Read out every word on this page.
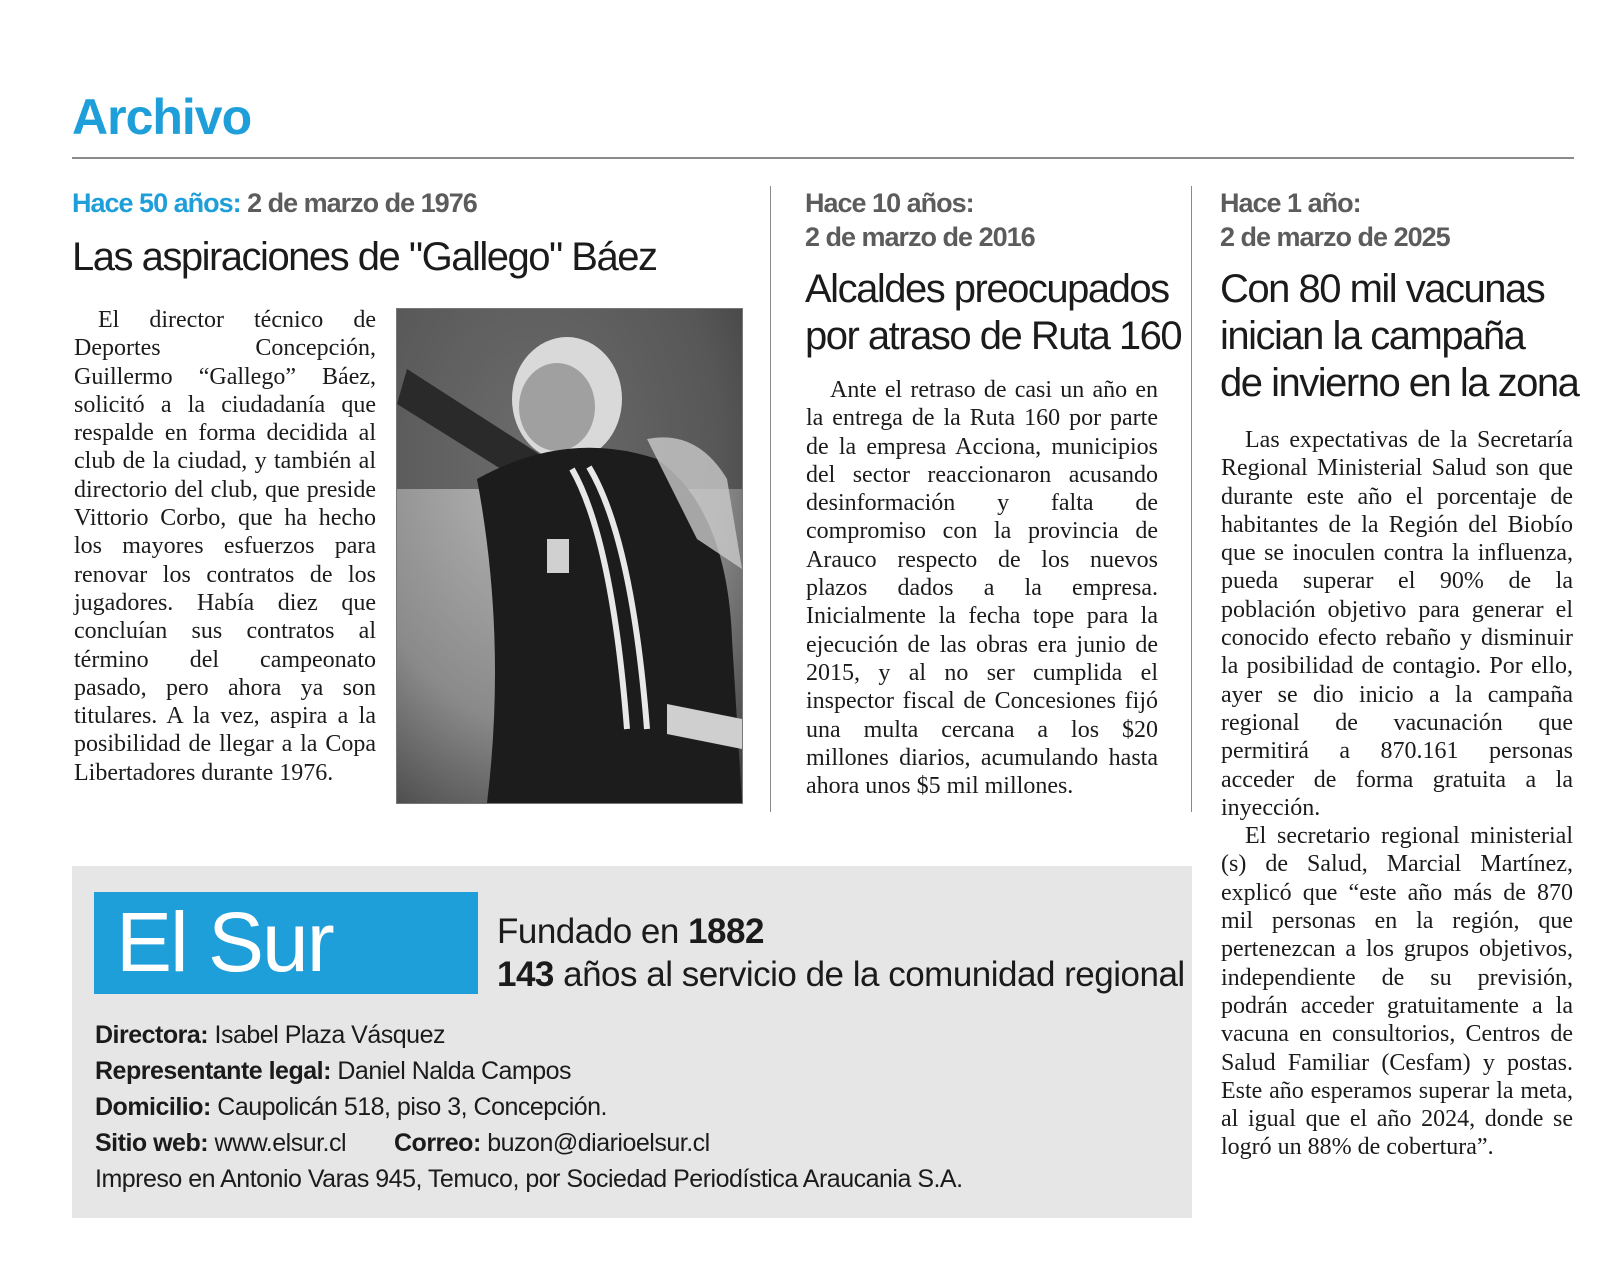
Archivo
Hace 50 años: 2 de marzo de 1976
Las aspiraciones de "Gallego" Báez

El director técnico de Deportes Concepción, Guillermo “Gallego” Báez, solicitó a la ciudadanía que respalde en forma decidida al club de la ciudad, y también al directorio del club, que preside Vittorio Corbo, que ha hecho los mayores esfuerzos para renovar los contratos de los jugadores. Había diez que concluían sus contratos al término del campeonato pasado, pero ahora ya son titulares. A la vez, aspira a la posibilidad de llegar a la Copa Libertadores durante 1976.

Hace 10 años:
2 de marzo de 2016
Alcaldes preocupados
por atraso de Ruta 160

Ante el retraso de casi un año en la entrega de la Ruta 160 por parte de la empresa Acciona, municipios del sector reaccionaron acusando desinformación y falta de compromiso con la provincia de Arauco respecto de los nuevos plazos dados a la empresa. Inicialmente la fecha tope para la ejecución de las obras era junio de 2015, y al no ser cumplida el inspector fiscal de Concesiones fijó una multa cercana a los $20 millones diarios, acumulando hasta ahora unos $5 mil millones.

Hace 1 año:
2 de marzo de 2025
Con 80 mil vacunas
inician la campaña
de invierno en la zona

Las expectativas de la Secretaría Regional Ministerial Salud son que durante este año el porcentaje de habitantes de la Región del Biobío que se inoculen contra la influenza, pueda superar el 90% de la población objetivo para generar el conocido efecto rebaño y disminuir la posibilidad de contagio. Por ello, ayer se dio inicio a la campaña regional de vacunación que permitirá a 870.161 personas acceder de forma gratuita a la inyección.

El secretario regional ministerial (s) de Salud, Marcial Martínez, explicó que “este año más de 870 mil personas en la región, que pertenezcan a los grupos objetivos, independiente de su previsión, podrán acceder gratuitamente a la vacuna en consultorios, Centros de Salud Familiar (Cesfam) y postas. Este año esperamos superar la meta, al igual que el año 2024, donde se logró un 88% de cobertura”.

El Sur	Fundado en 1882
143 años al servicio de la comunidad regional
Directora: Isabel Plaza Vásquez
Representante legal: Daniel Nalda Campos
Domicilio: Caupolicán 518, piso 3, Concepción.
Sitio web: www.elsur.cl Correo: buzon@diarioelsur.cl
Impreso en Antonio Varas 945, Temuco, por Sociedad Periodística Araucania S.A.
